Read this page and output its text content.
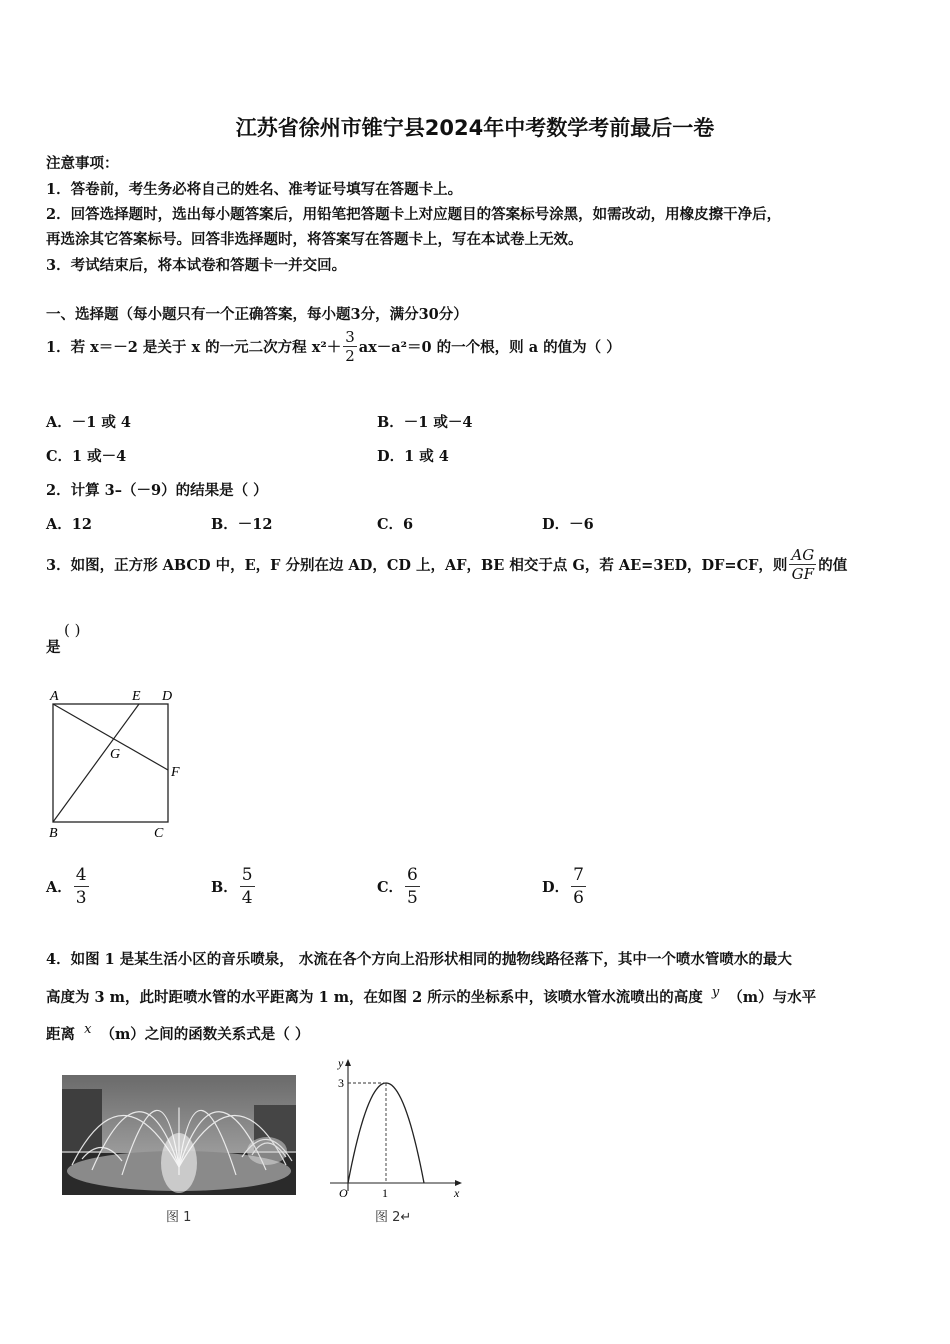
江苏省徐州市锥宁县2024年中考数学考前最后一卷
注意事项：
1．答卷前，考生务必将自己的姓名、准考证号填写在答题卡上。
2．回答选择题时，选出每小题答案后，用铅笔把答题卡上对应题目的答案标号涂黑，如需改动，用橡皮擦干净后，
再选涂其它答案标号。回答非选择题时，将答案写在答题卡上，写在本试卷上无效。
3．考试结束后，将本试卷和答题卡一并交回。
一、选择题（每小题只有一个正确答案，每小题3分，满分30分）
1．若 x＝－2 是关于 x 的一元二次方程 $x^2+ \frac{3}{2} ax-a^2=0$ 的一个根，则 a 的值为（ ）
A．－1 或 4	B．－1 或－4
C．1 或－4	D．1 或 4
2．计算 3–（－9）的结果是（ ）
A．12	B．－12	C．6	D．－6
3．如图，正方形 ABCD 中，E，F 分别在边 AD，CD 上，AF，BE 相交于点 G，若 AE=3ED，DF=CF，则 $\frac{AG}{GF}$ 的值
是
( )
A	E D
G
F
B	C
A． $\frac{4}{3}$	B． $\frac{5}{4}$	C． $\frac{6}{5}$	D． $\frac{7}{6}$
4．如图 1 是某生活小区的音乐喷泉， 水流在各个方向上沿形状相同的抛物线路径落下，其中一个喷水管喷水的最大
高度为 3 m，此时距喷水管的水平距离为 1 m，在如图 2 所示的坐标系中，该喷水管水流喷出的高度 y （m）与水平
距离 x （m）之间的函数关系式是（ ）
图 1
y
x
O
3
1
图 2↵
